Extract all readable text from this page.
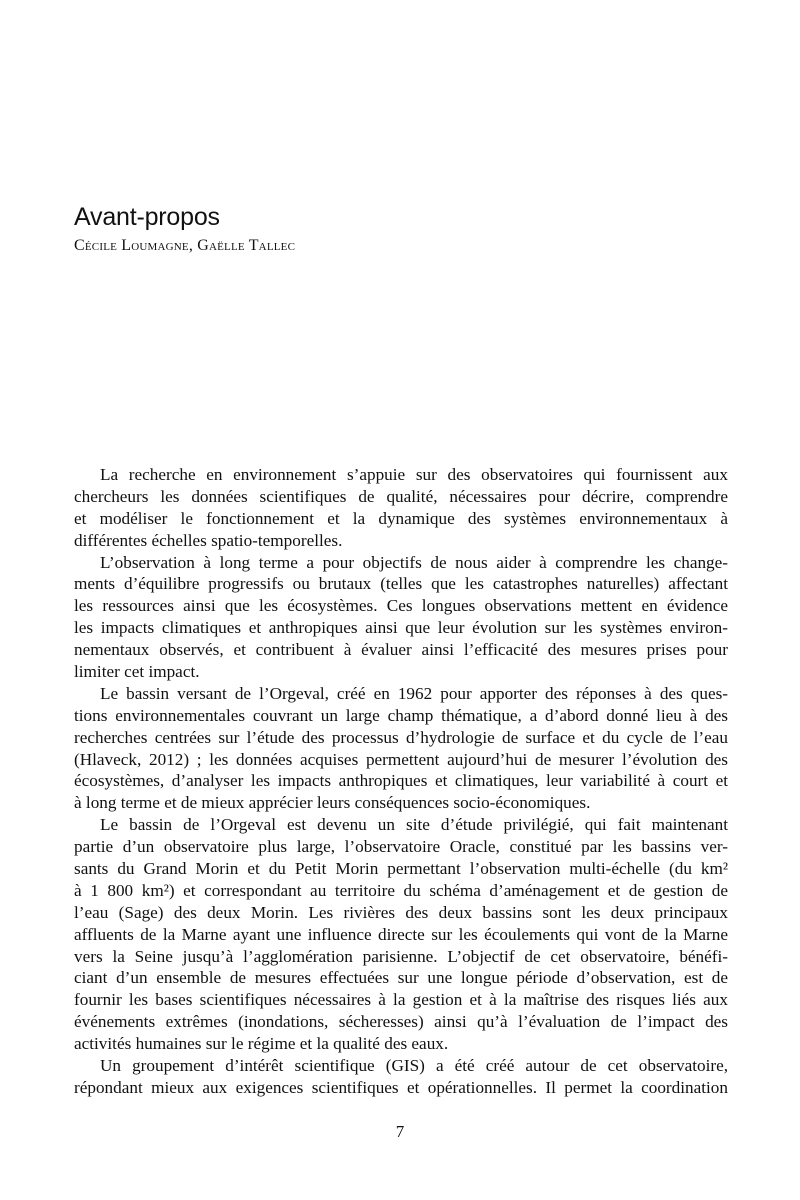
Avant-propos

Cécile Loumagne, Gaëlle Tallec

La recherche en environnement s’appuie sur des observatoires qui fournissent aux
chercheurs les données scientifiques de qualité, nécessaires pour décrire, comprendre
et modéliser le fonctionnement et la dynamique des systèmes environnementaux à
différentes échelles spatio-temporelles.
L’observation à long terme a pour objectifs de nous aider à comprendre les change-
ments d’équilibre progressifs ou brutaux (telles que les catastrophes naturelles) affectant
les ressources ainsi que les écosystèmes. Ces longues observations mettent en évidence
les impacts climatiques et anthropiques ainsi que leur évolution sur les systèmes environ-
nementaux observés, et contribuent à évaluer ainsi l’efficacité des mesures prises pour
limiter cet impact.
Le bassin versant de l’Orgeval, créé en 1962 pour apporter des réponses à des ques-
tions environnementales couvrant un large champ thématique, a d’abord donné lieu à des
recherches centrées sur l’étude des processus d’hydrologie de surface et du cycle de l’eau
(Hlaveck, 2012) ; les données acquises permettent aujourd’hui de mesurer l’évolution des
écosystèmes, d’analyser les impacts anthropiques et climatiques, leur variabilité à court et
à long terme et de mieux apprécier leurs conséquences socio-économiques.
Le bassin de l’Orgeval est devenu un site d’étude privilégié, qui fait maintenant
partie d’un observatoire plus large, l’observatoire Oracle, constitué par les bassins ver-
sants du Grand Morin et du Petit Morin permettant l’observation multi-échelle (du km²
à 1 800 km²) et correspondant au territoire du schéma d’aménagement et de gestion de
l’eau (Sage) des deux Morin. Les rivières des deux bassins sont les deux principaux
affluents de la Marne ayant une influence directe sur les écoulements qui vont de la Marne
vers la Seine jusqu’à l’agglomération parisienne. L’objectif de cet observatoire, bénéfi-
ciant d’un ensemble de mesures effectuées sur une longue période d’observation, est de
fournir les bases scientifiques nécessaires à la gestion et à la maîtrise des risques liés aux
événements extrêmes (inondations, sécheresses) ainsi qu’à l’évaluation de l’impact des
activités humaines sur le régime et la qualité des eaux.
Un groupement d’intérêt scientifique (GIS) a été créé autour de cet observatoire,
répondant mieux aux exigences scientifiques et opérationnelles. Il permet la coordination
7
